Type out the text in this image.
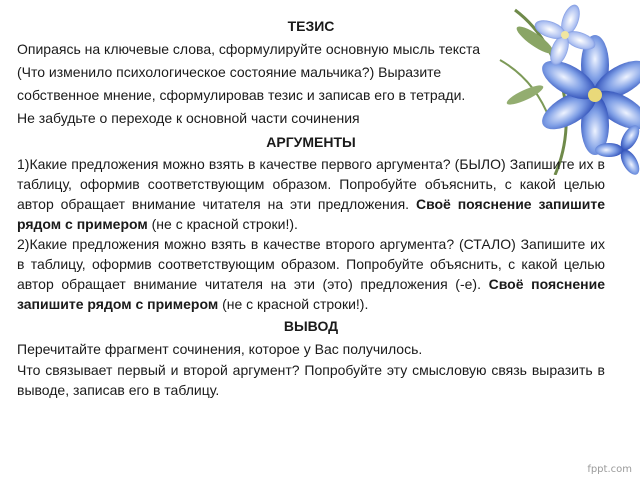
ТЕЗИС

Опираясь на ключевые слова, сформулируйте основную мысль текста

(Что изменило психологическое состояние мальчика?) Выразите

собственное мнение, сформулировав тезис и записав его в тетради.

Не забудьте о переходе к основной части сочинения

АРГУМЕНТЫ

1)Какие предложения можно взять в качестве первого аргумента? (БЫЛО) Запишите их в таблицу, оформив соответствующим образом. Попробуйте объяснить, с какой целью автор обращает внимание читателя на эти предложения. Своё пояснение запишите рядом с примером (не с красной строки!).

2)Какие предложения можно взять в качестве второго аргумента? (СТАЛО) Запишите их в таблицу, оформив соответствующим образом. Попробуйте объяснить, с какой целью автор обращает внимание читателя на эти (это) предложения (-е). Своё пояснение запишите рядом с примером (не с красной строки!).

ВЫВОД

Перечитайте фрагмент сочинения, которое у Вас получилось.

Что связывает первый и второй аргумент? Попробуйте эту смысловую связь выразить в выводе, записав его в таблицу.

fppt.com
